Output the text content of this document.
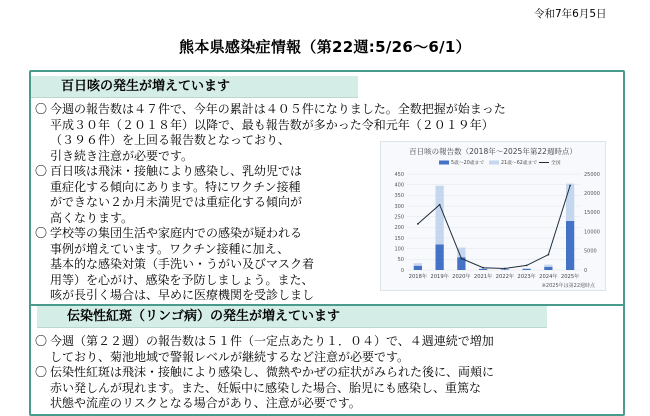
令和7年6月5日
熊本県感染症情報（第22週:5/26〜6/1）
百日咳の発生が増えています
〇 今週の報告数は４７件で、今年の累計は４０５件になりました。全数把握が始まった
平成３０年（２０１８年）以降で、最も報告数が多かった令和元年（２０１９年）
（３９６件）を上回る報告数となっており、
引き続き注意が必要です。
〇 百日咳は飛沫・接触により感染し、乳幼児では
重症化する傾向にあります。特にワクチン接種
ができない２か月未満児では重症化する傾向が
高くなります。
〇 学校等の集団生活や家庭内での感染が疑われる
事例が増えています。ワクチン接種に加え、
基本的な感染対策（手洗い・うがい及びマスク着
用等）を心がけ、感染を予防しましょう。また、
咳が長引く場合は、早めに医療機関を受診しまし
百日咳の報告数（2018年～2025年第22週時点）
5歳～20歳まで	21歳～62歳まで	全国
0
50
100
150
200
250
300
350
400
450
0
5000
10000
15000
20000
25000
2018年 2019年 2020年 2021年 2022年 2023年 2024年 2025年
※2025年は第22週時点
伝染性紅斑（リンゴ病）の発生が増えています
〇 今週（第２２週）の報告数は５１件（一定点あたり１．０４）で、４週連続で増加
しており、菊池地域で警報レベルが継続するなど注意が必要です。
〇 伝染性紅斑は飛沫・接触により感染し、微熱やかぜの症状がみられた後に、両頬に
赤い発しんが現れます。また、妊娠中に感染した場合、胎児にも感染し、重篤な
状態や流産のリスクとなる場合があり、注意が必要です。
